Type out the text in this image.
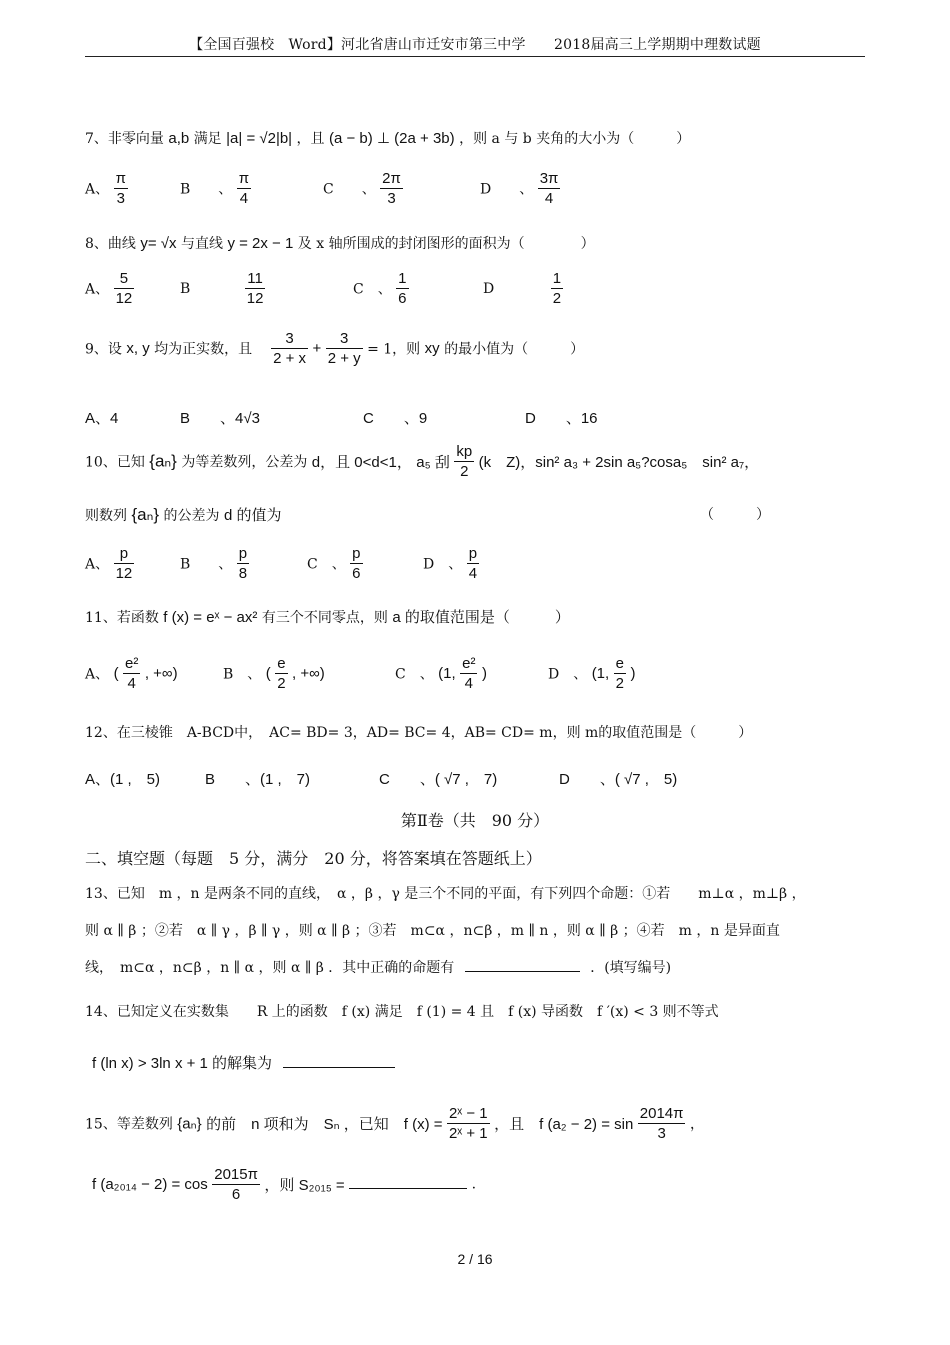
【全国百强校　Word】河北省唐山市迁安市第三中学　　2018届高三上学期期中理数试题
7、非零向量 a,b 满足 |a| = √2|b| ，且 (a − b) ⊥ (2a + 3b) ，则 a 与 b 夹角的大小为（　　　）
A、 $\frac{\pi}{3}$	B　　、 $\frac{\pi}{4}$	C　　、 $\frac{2\pi}{3}$	D　　、 $\frac{3\pi}{4}$
8、曲线 y= √x 与直线 y = 2x − 1 及 x 轴所围成的封闭图形的面积为（　　　　）
A、 $\frac{5}{12}$	B	$\frac{11}{12}$	C　、 $\frac{1}{6}$	D	$\frac{1}{2}$
9、设 x, y 均为正实数，且 $\frac{3}{2 + x} + \frac{3}{2 + y} = 1$，则 xy 的最小值为（　　　）
A、4	B　　、4√3	C　　、9	D　　、16
10、已知 {aₙ} 为等差数列，公差为 d，且 0<d<1， a₅ 刮 $\frac{kp}{2} (k$　Z)，sin² a₃ + 2sin a₅?cosa₅　sin² a₇，
则数列 {aₙ} 的公差为 d 的值为	（　　　）
A、 $\frac{p}{12}$	B　　、 $\frac{p}{8}$	C　、 $\frac{p}{6}$	D　、 $\frac{p}{4}$
11、若函数 f (x) = eˣ − ax² 有三个不同零点，则 a 的取值范围是（　　　）
A、 ( $\frac{\text{e²}}{4}$ , +∞)	B　、 ( $\frac{e}{2}$ , +∞)	C　、 (1, $\frac{\text{e²}}{4}$ )	D　、 (1, $\frac{e}{2}$ )
12、在三棱锥　A-BCD中，　AC= BD= 3，AD= BC= 4，AB= CD= m，则 m的取值范围是（　　　）
A、(1 ,　5)	B　　、(1 ,　7)	C　　、( √7 ,　7)	D　　、( √7 ,　5)
第Ⅱ卷（共　90 分）
二、填空题（每题　5 分，满分　20 分，将答案填在答题纸上）
13、已知　m ，n 是两条不同的直线，　α ，β ，γ 是三个不同的平面，有下列四个命题：①若　　m⊥α ，m⊥β ，
则 α ∥ β ；②若　α ∥ γ ，β ∥ γ ，则 α ∥ β ；③若　m⊂α ，n⊂β ，m ∥ n ，则 α ∥ β ；④若　m ，n 是异面直
线，　m⊂α ，n⊂β ，n ∥ α ，则 α ∥ β ．其中正确的命题有	．(填写编号)
14、已知定义在实数集　　R 上的函数　f (x) 满足　f (1) = 4 且　f (x) 导函数　f ′(x) < 3 则不等式
f (ln x) > 3ln x + 1 的解集为
15、等差数列 {aₙ} 的前　n 项和为　Sₙ ，已知　f $(x) = \frac{\text{2ˣ − 1}}{\text{2ˣ + 1}}$ ，且　f $(a_2 - 2) = \sin \frac{2014\pi}{3}$ ，
f $(a_{2014} - 2) = \cos \frac{2015\pi}{6}$ ，则 S₂₀₁₅ =	.
2 / 16
